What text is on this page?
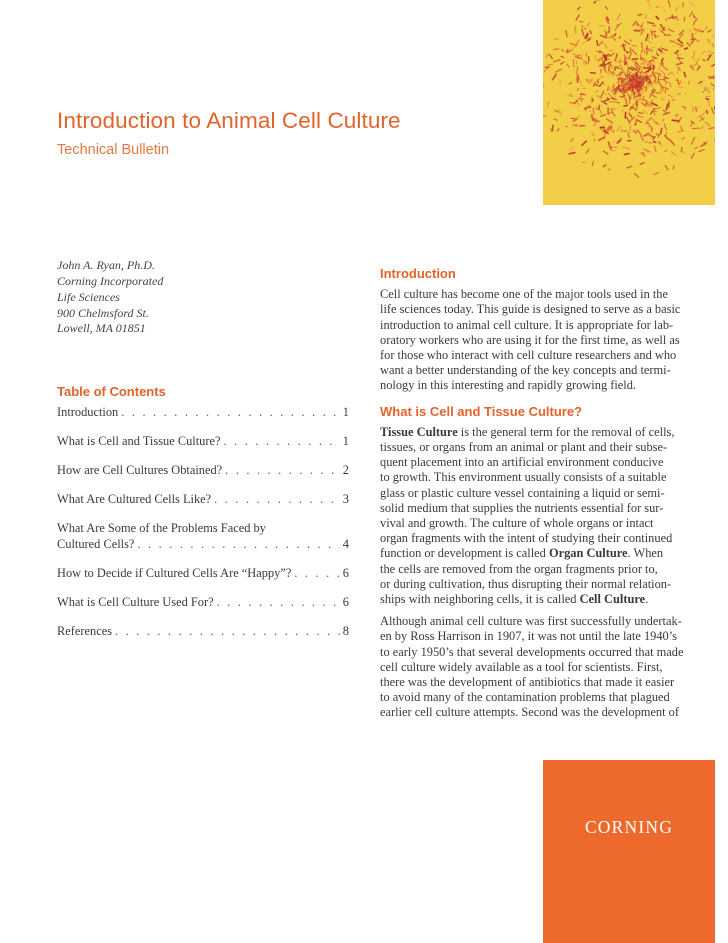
Introduction to Animal Cell Culture
Technical Bulletin
John A. Ryan, Ph.D.
Corning Incorporated
Life Sciences
900 Chelmsford St.
Lowell, MA 01851
Table of Contents
Introduction . . .	1
What is Cell and Tissue Culture? . . .	1
How are Cell Cultures Obtained? . . .	2
What Are Cultured Cells Like? . . .	3
What Are Some of the Problems Faced by
Cultured Cells? . . .	4
How to Decide if Cultured Cells Are “Happy”? . . .	6
What is Cell Culture Used For? . . .	6
References . . .	8
Introduction

Cell culture has become one of the major tools used in the
life sciences today. This guide is designed to serve as a basic
introduction to animal cell culture. It is appropriate for lab-
oratory workers who are using it for the first time, as well as
for those who interact with cell culture researchers and who
want a better understanding of the key concepts and termi-
nology in this interesting and rapidly growing field.

What is Cell and Tissue Culture?

Tissue Culture is the general term for the removal of cells,
tissues, or organs from an animal or plant and their subse-
quent placement into an artificial environment conducive
to growth. This environment usually consists of a suitable
glass or plastic culture vessel containing a liquid or semi-
solid medium that supplies the nutrients essential for sur-
vival and growth. The culture of whole organs or intact
organ fragments with the intent of studying their continued
function or development is called Organ Culture. When
the cells are removed from the organ fragments prior to,
or during cultivation, thus disrupting their normal relation-
ships with neighboring cells, it is called Cell Culture.

Although animal cell culture was first successfully undertak-
en by Ross Harrison in 1907, it was not until the late 1940’s
to early 1950’s that several developments occurred that made
cell culture widely available as a tool for scientists. First,
there was the development of antibiotics that made it easier
to avoid many of the contamination problems that plagued
earlier cell culture attempts. Second was the development of

CORNING
